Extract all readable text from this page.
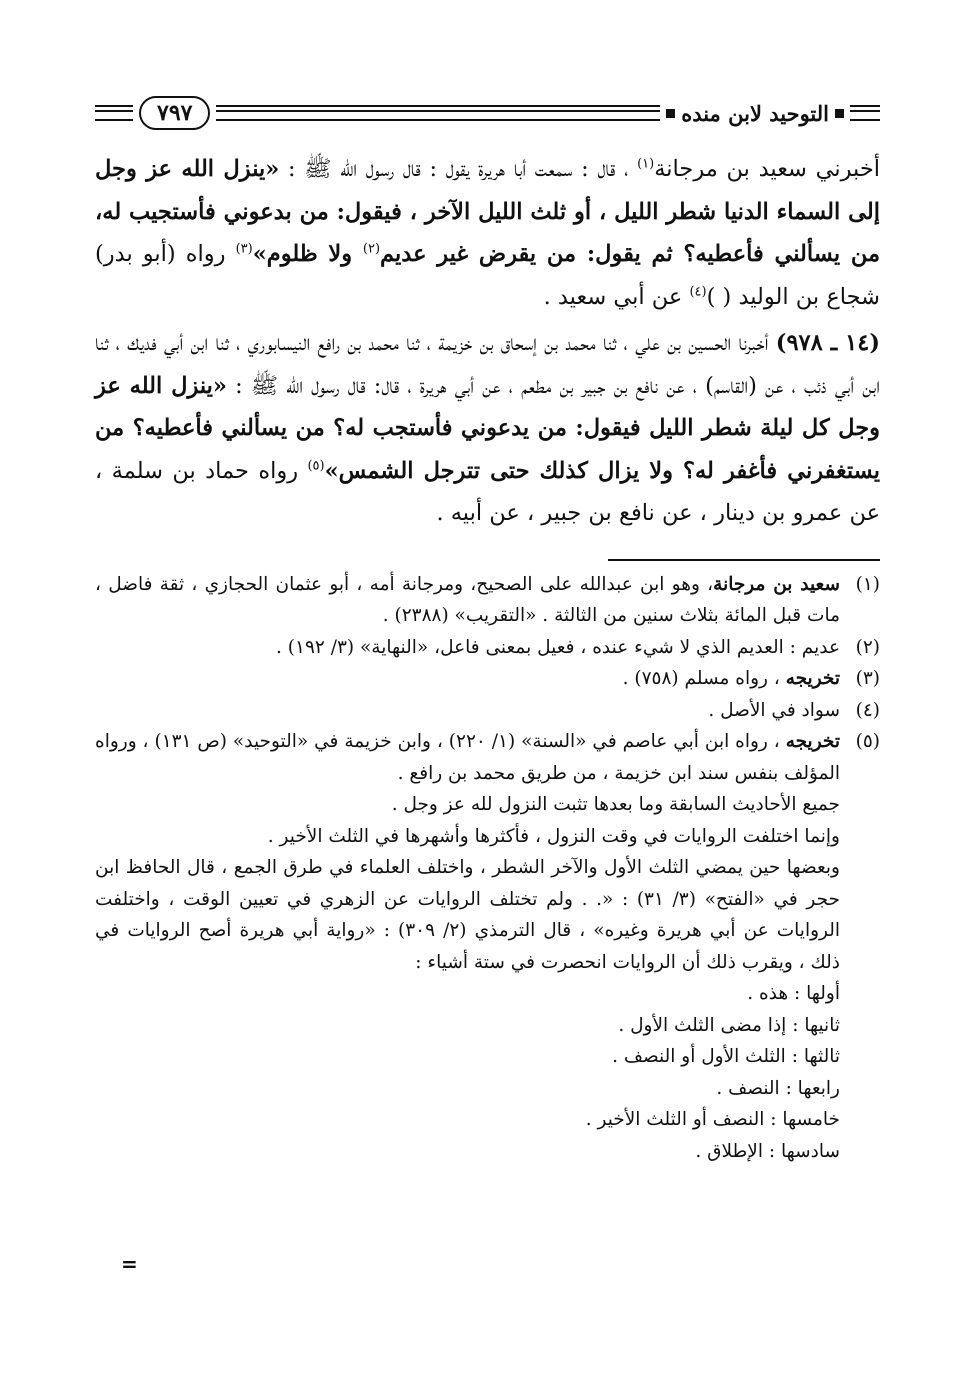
التوحيد لابن منده
٧٩٧

أخبرني سعيد بن مرجانة$^{(١)}$ ، قال : سمعت أبا هريرة يقول : قال رسول الله ﷺ : «ينزل الله عز وجل إلى السماء الدنيا شطر الليل ، أو ثلث الليل الآخر ، فيقول: من بدعوني فأستجيب له، من يسألني فأعطيه؟ ثم يقول: من يقرض غير عديم$^{(٢)}$ ولا ظلوم»$^{(٣)}$ رواه (أبو بدر) شجاع بن الوليد ( )$^{(٤)}$ عن أبي سعيد .

(١٤ ـ ٩٧٨) أخبرنا الحسين بن علي ، ثنا محمد بن إسحاق بن خزيمة ، ثنا محمد بن رافع النيسابوري ، ثنا ابن أبي فديك ، ثنا ابن أبي ذئب ، عن (القاسم) ، عن نافع بن جبير بن مطعم ، عن أبي هريرة ، قال: قال رسول الله ﷺ : «ينزل الله عز وجل كل ليلة شطر الليل فيقول: من يدعوني فأستجب له؟ من يسألني فأعطيه؟ من يستغفرني فأغفر له؟ ولا يزال كذلك حتى تترجل الشمس»$^{(٥)}$ رواه حماد بن سلمة ، عن عمرو بن دينار ، عن نافع بن جبير ، عن أبيه .

(١)
سعيد بن مرجانة، وهو ابن عبدالله على الصحيح، ومرجانة أمه ، أبو عثمان الحجازي ، ثقة فاضل ، مات قبل المائة بثلاث سنين من الثالثة . «التقريب» (٢٣٨٨) .
(٢)
عديم : العديم الذي لا شيء عنده ، فعيل بمعنى فاعل، «النهاية» (٣/ ١٩٢) .
(٣)
تخريجه ، رواه مسلم (٧٥٨) .
(٤)
سواد في الأصل .
(٥)
تخريجه ، رواه ابن أبي عاصم في «السنة» (١/ ٢٢٠) ، وابن خزيمة في «التوحيد» (ص ١٣١) ، ورواه المؤلف بنفس سند ابن خزيمة ، من طريق محمد بن رافع .

جميع الأحاديث السابقة وما بعدها تثبت النزول لله عز وجل .

وإنما اختلفت الروايات في وقت النزول ، فأكثرها وأشهرها في الثلث الأخير .

وبعضها حين يمضي الثلث الأول والآخر الشطر ، واختلف العلماء في طرق الجمع ، قال الحافظ ابن حجر في «الفتح» (٣/ ٣١) : «. . ولم تختلف الروايات عن الزهري في تعيين الوقت ، واختلفت الروايات عن أبي هريرة وغيره» ، قال الترمذي (٢/ ٣٠٩) : «رواية أبي هريرة أصح الروايات في ذلك ، ويقرب ذلك أن الروايات انحصرت في ستة أشياء :

أولها : هذه .

ثانيها : إذا مضى الثلث الأول .

ثالثها : الثلث الأول أو النصف .

رابعها : النصف .

خامسها : النصف أو الثلث الأخير .

سادسها : الإطلاق .

=
